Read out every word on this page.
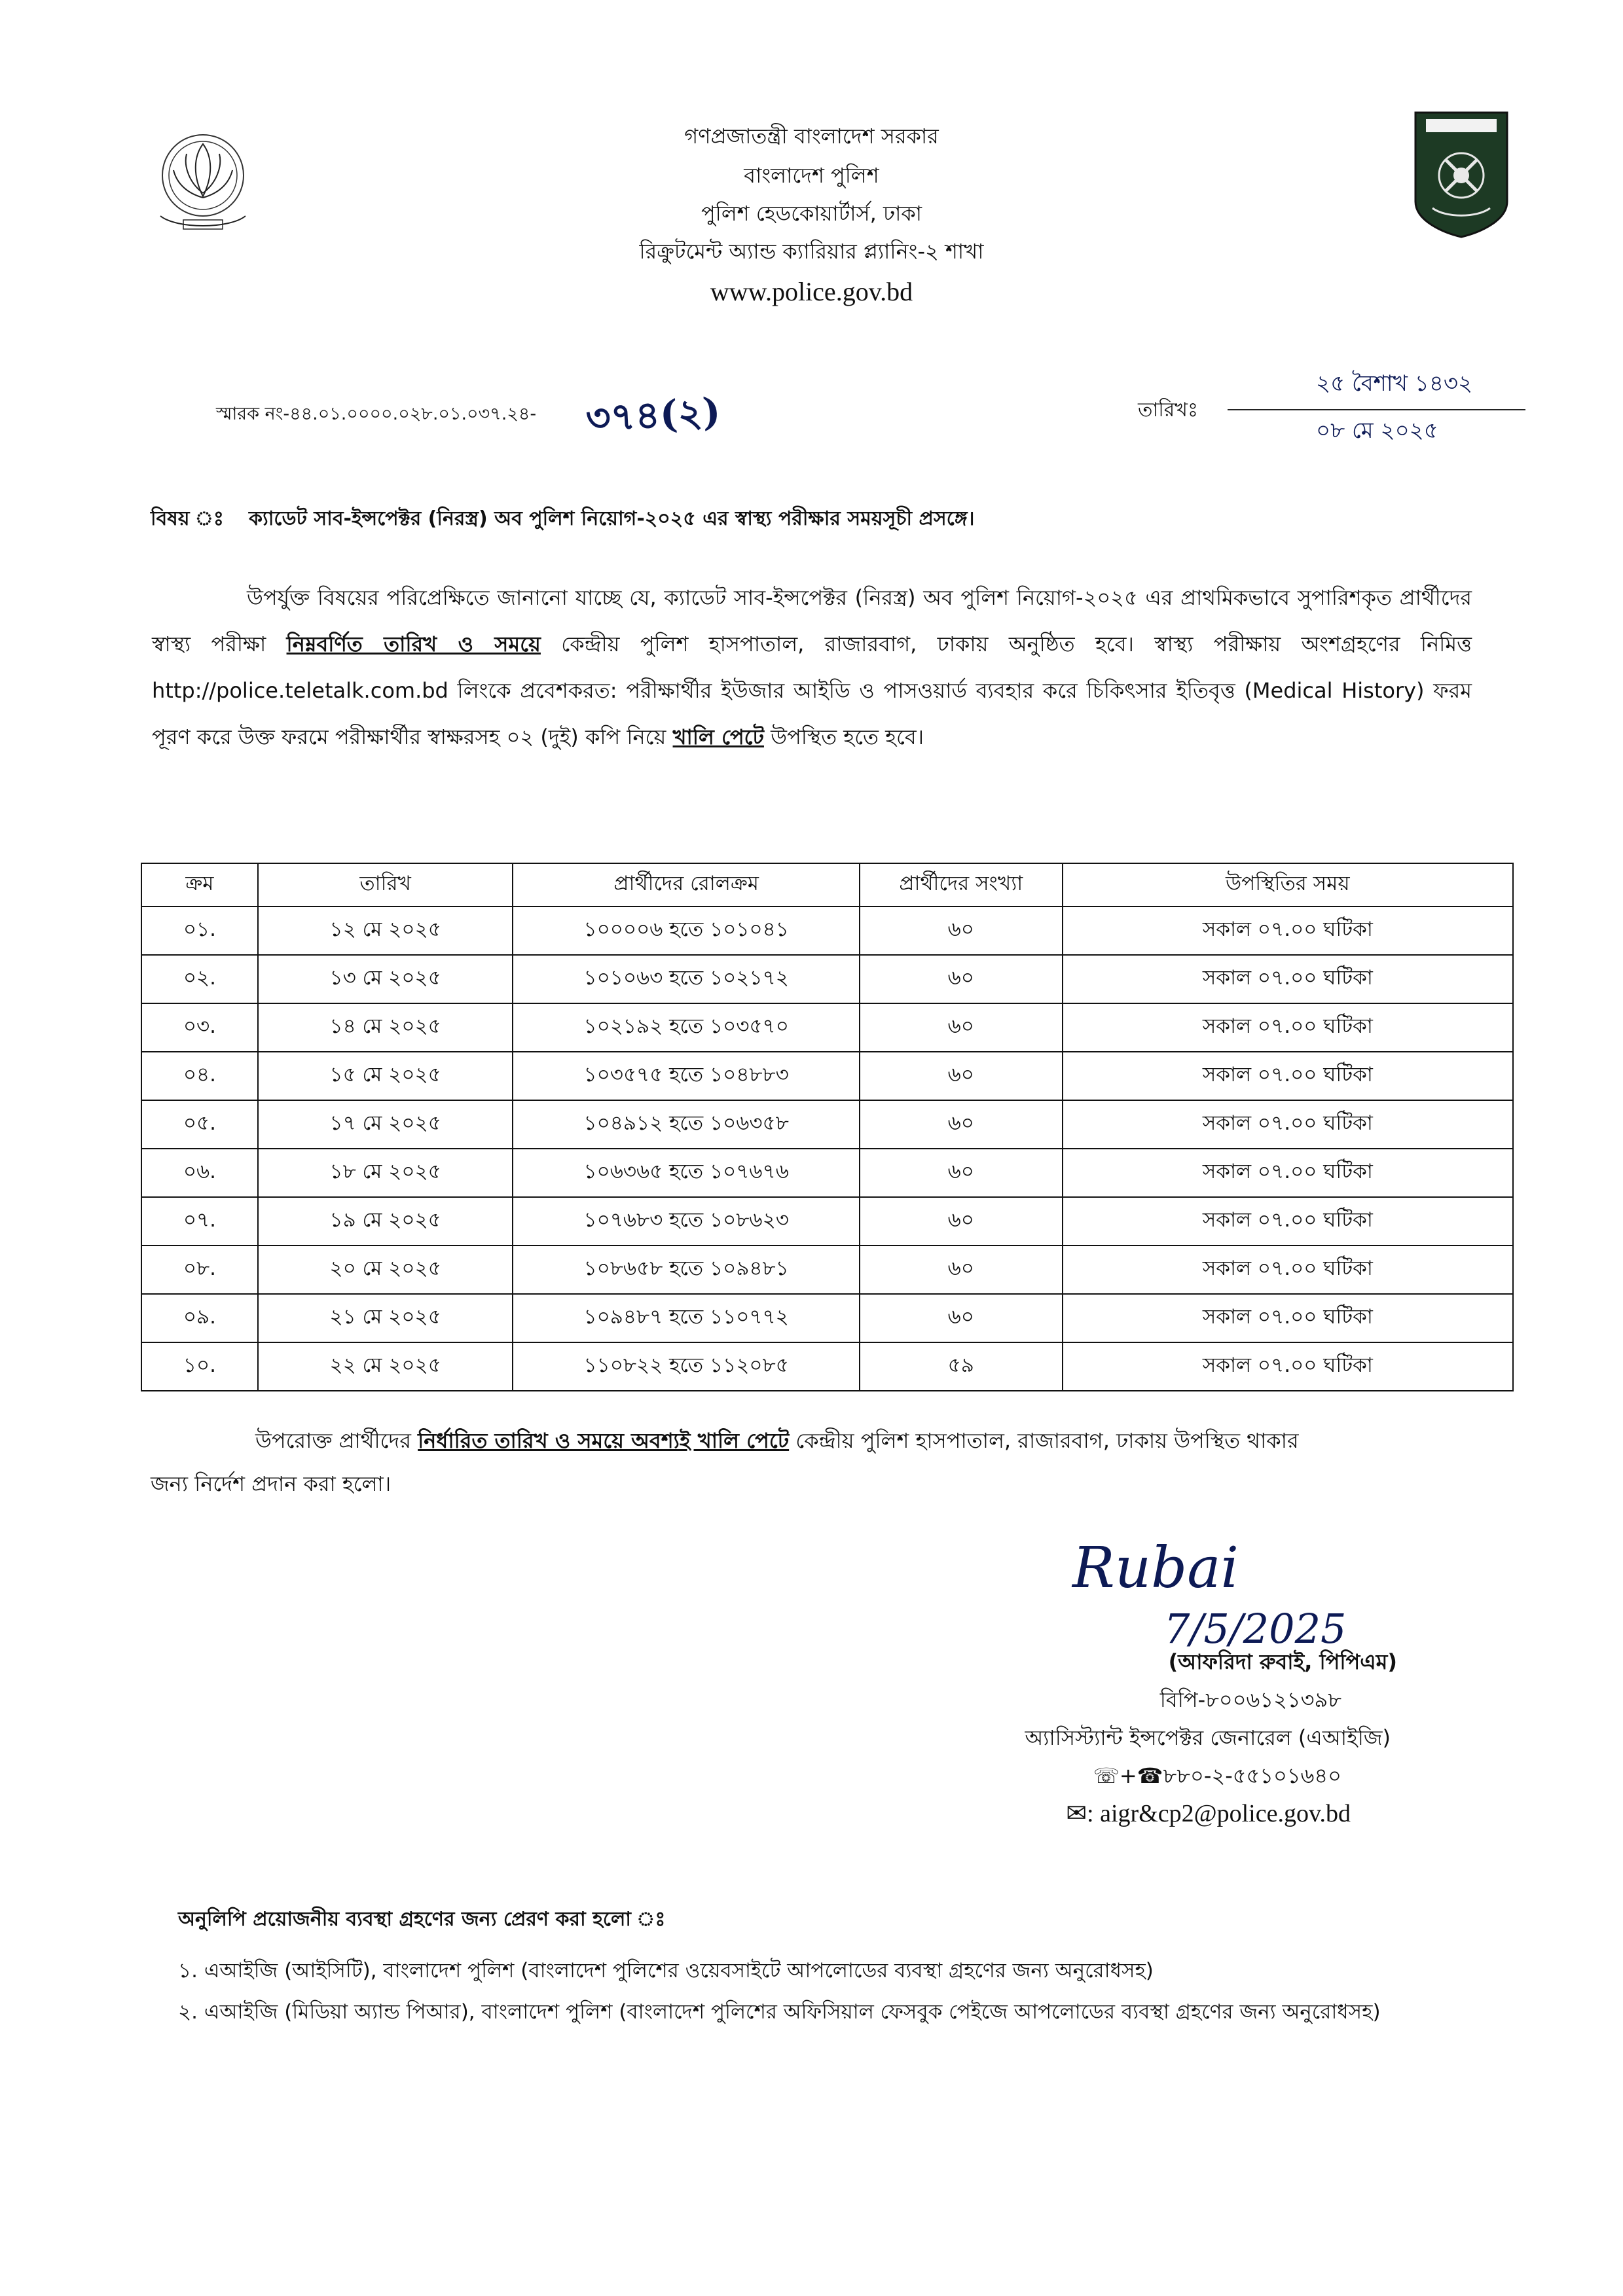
গণপ্রজাতন্ত্রী বাংলাদেশ সরকার
বাংলাদেশ পুলিশ
পুলিশ হেডকোয়ার্টার্স, ঢাকা
রিক্রুটমেন্ট অ্যান্ড ক্যারিয়ার প্ল্যানিং-২ শাখা
www.police.gov.bd
স্মারক নং-৪৪.০১.০০০০.০২৮.০১.০৩৭.২৪- ৩৭৪(২)	তারিখঃ
২৫ বৈশাখ ১৪৩২
০৮ মে ২০২৫
বিষয় ঃ ক্যাডেট সাব-ইন্সপেক্টর (নিরস্ত্র) অব পুলিশ নিয়োগ-২০২৫ এর স্বাস্থ্য পরীক্ষার সময়সূচী প্রসঙ্গে।
উপর্যুক্ত বিষয়ের পরিপ্রেক্ষিতে জানানো যাচ্ছে যে, ক্যাডেট সাব-ইন্সপেক্টর (নিরস্ত্র) অব পুলিশ নিয়োগ-২০২৫ এর প্রাথমিকভাবে সুপারিশকৃত প্রার্থীদের স্বাস্থ্য পরীক্ষা নিম্নবর্ণিত তারিখ ও সময়ে কেন্দ্রীয় পুলিশ হাসপাতাল, রাজারবাগ, ঢাকায় অনুষ্ঠিত হবে। স্বাস্থ্য পরীক্ষায় অংশগ্রহণের নিমিত্ত http://police.teletalk.com.bd লিংকে প্রবেশকরত: পরীক্ষার্থীর ইউজার আইডি ও পাসওয়ার্ড ব্যবহার করে চিকিৎসার ইতিবৃত্ত (Medical History) ফরম পূরণ করে উক্ত ফরমে পরীক্ষার্থীর স্বাক্ষরসহ ০২ (দুই) কপি নিয়ে খালি পেটে উপস্থিত হতে হবে।
ক্রম	তারিখ	প্রার্থীদের রোলক্রম	প্রার্থীদের সংখ্যা	উপস্থিতির সময়
০১.	১২ মে ২০২৫	১০০০০৬ হতে ১০১০৪১	৬০	সকাল ০৭.০০ ঘটিকা
০২.	১৩ মে ২০২৫	১০১০৬৩ হতে ১০২১৭২	৬০	সকাল ০৭.০০ ঘটিকা
০৩.	১৪ মে ২০২৫	১০২১৯২ হতে ১০৩৫৭০	৬০	সকাল ০৭.০০ ঘটিকা
০৪.	১৫ মে ২০২৫	১০৩৫৭৫ হতে ১০৪৮৮৩	৬০	সকাল ০৭.০০ ঘটিকা
০৫.	১৭ মে ২০২৫	১০৪৯১২ হতে ১০৬৩৫৮	৬০	সকাল ০৭.০০ ঘটিকা
০৬.	১৮ মে ২০২৫	১০৬৩৬৫ হতে ১০৭৬৭৬	৬০	সকাল ০৭.০০ ঘটিকা
০৭.	১৯ মে ২০২৫	১০৭৬৮৩ হতে ১০৮৬২৩	৬০	সকাল ০৭.০০ ঘটিকা
০৮.	২০ মে ২০২৫	১০৮৬৫৮ হতে ১০৯৪৮১	৬০	সকাল ০৭.০০ ঘটিকা
০৯.	২১ মে ২০২৫	১০৯৪৮৭ হতে ১১০৭৭২	৬০	সকাল ০৭.০০ ঘটিকা
১০.	২২ মে ২০২৫	১১০৮২২ হতে ১১২০৮৫	৫৯	সকাল ০৭.০০ ঘটিকা
উপরোক্ত প্রার্থীদের নির্ধারিত তারিখ ও সময়ে অবশ্যই খালি পেটে কেন্দ্রীয় পুলিশ হাসপাতাল, রাজারবাগ, ঢাকায় উপস্থিত থাকার
জন্য নির্দেশ প্রদান করা হলো।
Rubai
7/5/2025
(আফরিদা রুবাই, পিপিএম)
বিপি-৮০০৬১২১৩৯৮
অ্যাসিস্ট্যান্ট ইন্সপেক্টর জেনারেল (এআইজি)
☏+☎৮৮০-২-৫৫১০১৬৪০
✉: aigr&cp2@police.gov.bd
অনুলিপি প্রয়োজনীয় ব্যবস্থা গ্রহণের জন্য প্রেরণ করা হলো ঃ
১. এআইজি (আইসিটি), বাংলাদেশ পুলিশ (বাংলাদেশ পুলিশের ওয়েবসাইটে আপলোডের ব্যবস্থা গ্রহণের জন্য অনুরোধসহ)
২. এআইজি (মিডিয়া অ্যান্ড পিআর), বাংলাদেশ পুলিশ (বাংলাদেশ পুলিশের অফিসিয়াল ফেসবুক পেইজে আপলোডের ব্যবস্থা গ্রহণের জন্য অনুরোধসহ)
